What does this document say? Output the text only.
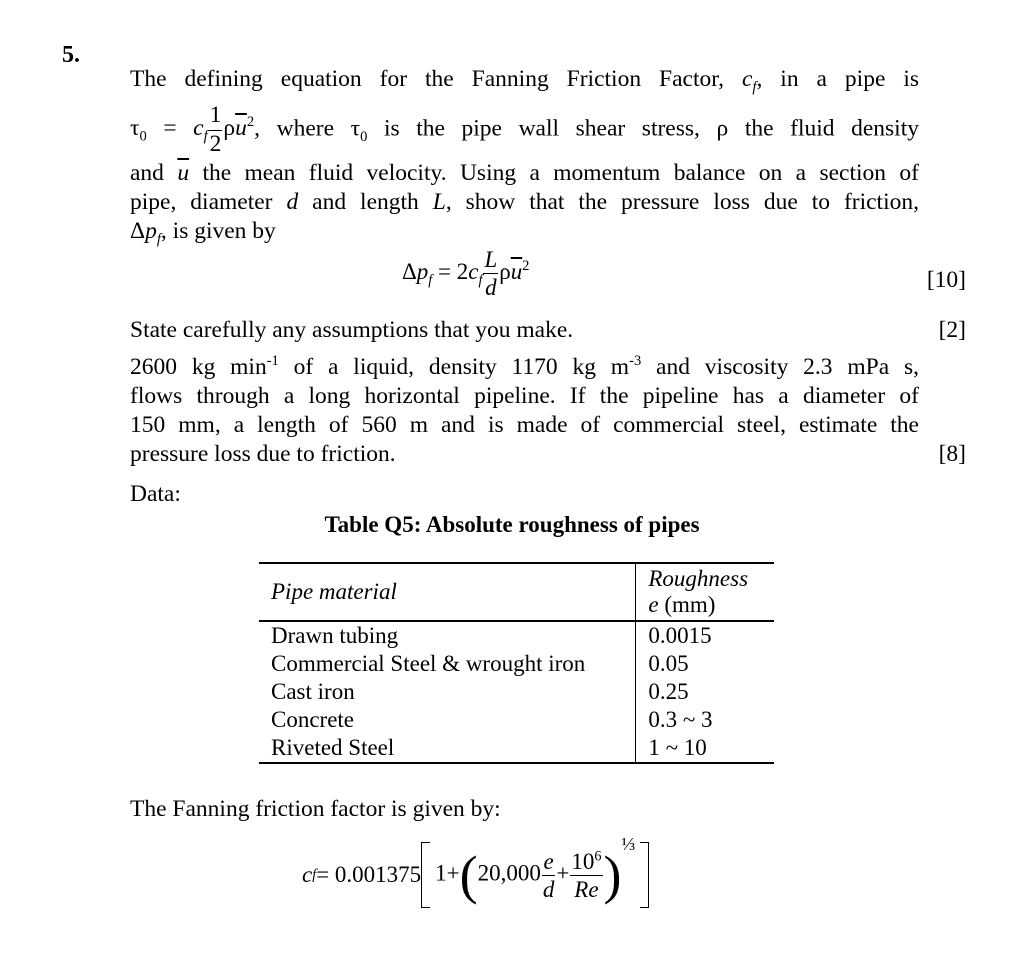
5.
The defining equation for the Fanning Friction Factor, $c_f$, in a pipe is
$\tau_0 = c_f \frac{1}{2} \rho\overline{u}^2$, where $\tau_0$ is the pipe wall shear stress, ρ the fluid density
and $\overline{u}$ the mean fluid velocity. Using a momentum balance on a section of
pipe, diameter d and length L, show that the pressure loss due to friction,
$\Delta p_f$, is given by
$\Delta p_f = 2c_f \frac{L}{d} \rho\overline{u}^2$
[10]
State carefully any assumptions that you make.	[2]
2600 kg $\min^{-1}$ of a liquid, density 1170 kg $m^{-3}$ and viscosity 2.3 mPa s,
flows through a long horizontal pipeline. If the pipeline has a diameter of
150 mm, a length of 560 m and is made of commercial steel, estimate the
pressure loss due to friction.	[8]
Data:
Table Q5: Absolute roughness of pipes
Pipe material	Roughness
e (mm)
Drawn tubing	0.0015
Commercial Steel & wrought iron	0.05
Cast iron	0.25
Concrete	0.3 ~ 3
Riveted Steel	1 ~ 10
The Fanning friction factor is given by:
c f = 0.001375 $1+(20,000 \frac{e}{d} + \frac{10^6}{Re} )^{\frac{1}{3}}$
